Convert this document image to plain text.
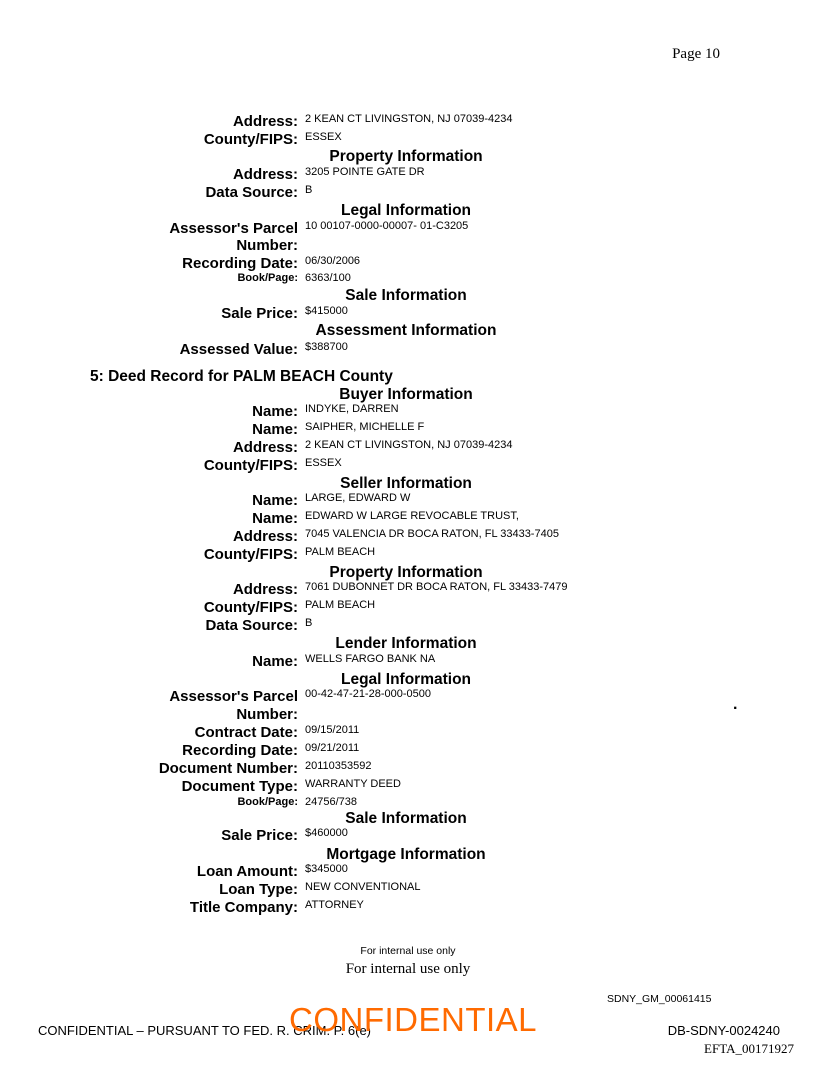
Page 10
Address: 2 KEAN CT LIVINGSTON, NJ 07039-4234
County/FIPS: ESSEX
Property Information
Address: 3205 POINTE GATE DR
Data Source: B
Legal Information
Assessor's Parcel
Number:
10 00107-0000-00007- 01-C3205
Recording Date: 06/30/2006
Book/Page: 6363/100
Sale Information
Sale Price: $415000
Assessment Information
Assessed Value: $388700
5: Deed Record for PALM BEACH County
Buyer Information
Name: INDYKE, DARREN
Name: SAIPHER, MICHELLE F
Address: 2 KEAN CT LIVINGSTON, NJ 07039-4234
County/FIPS: ESSEX
Seller Information
Name: LARGE, EDWARD W
Name: EDWARD W LARGE REVOCABLE TRUST,
Address: 7045 VALENCIA DR BOCA RATON, FL 33433-7405
County/FIPS: PALM BEACH
Property Information
Address: 7061 DUBONNET DR BOCA RATON, FL 33433-7479
County/FIPS: PALM BEACH
Data Source: B
Lender Information
Name: WELLS FARGO BANK NA
Legal Information
Assessor's Parcel
Number:
00-42-47-21-28-000-0500
Contract Date: 09/15/2011
Recording Date: 09/21/2011
Document Number: 20110353592
Document Type: WARRANTY DEED
Book/Page: 24756/738
Sale Information
Sale Price: $460000
Mortgage Information
Loan Amount: $345000
Loan Type: NEW CONVENTIONAL
Title Company: ATTORNEY
.
For internal use only
For internal use only
SDNY_GM_00061415
CONFIDENTIAL – PURSUANT TO FED. R. CRIM. P. 6(e)
CONFIDENTIAL	DB-SDNY-0024240
EFTA_00171927
